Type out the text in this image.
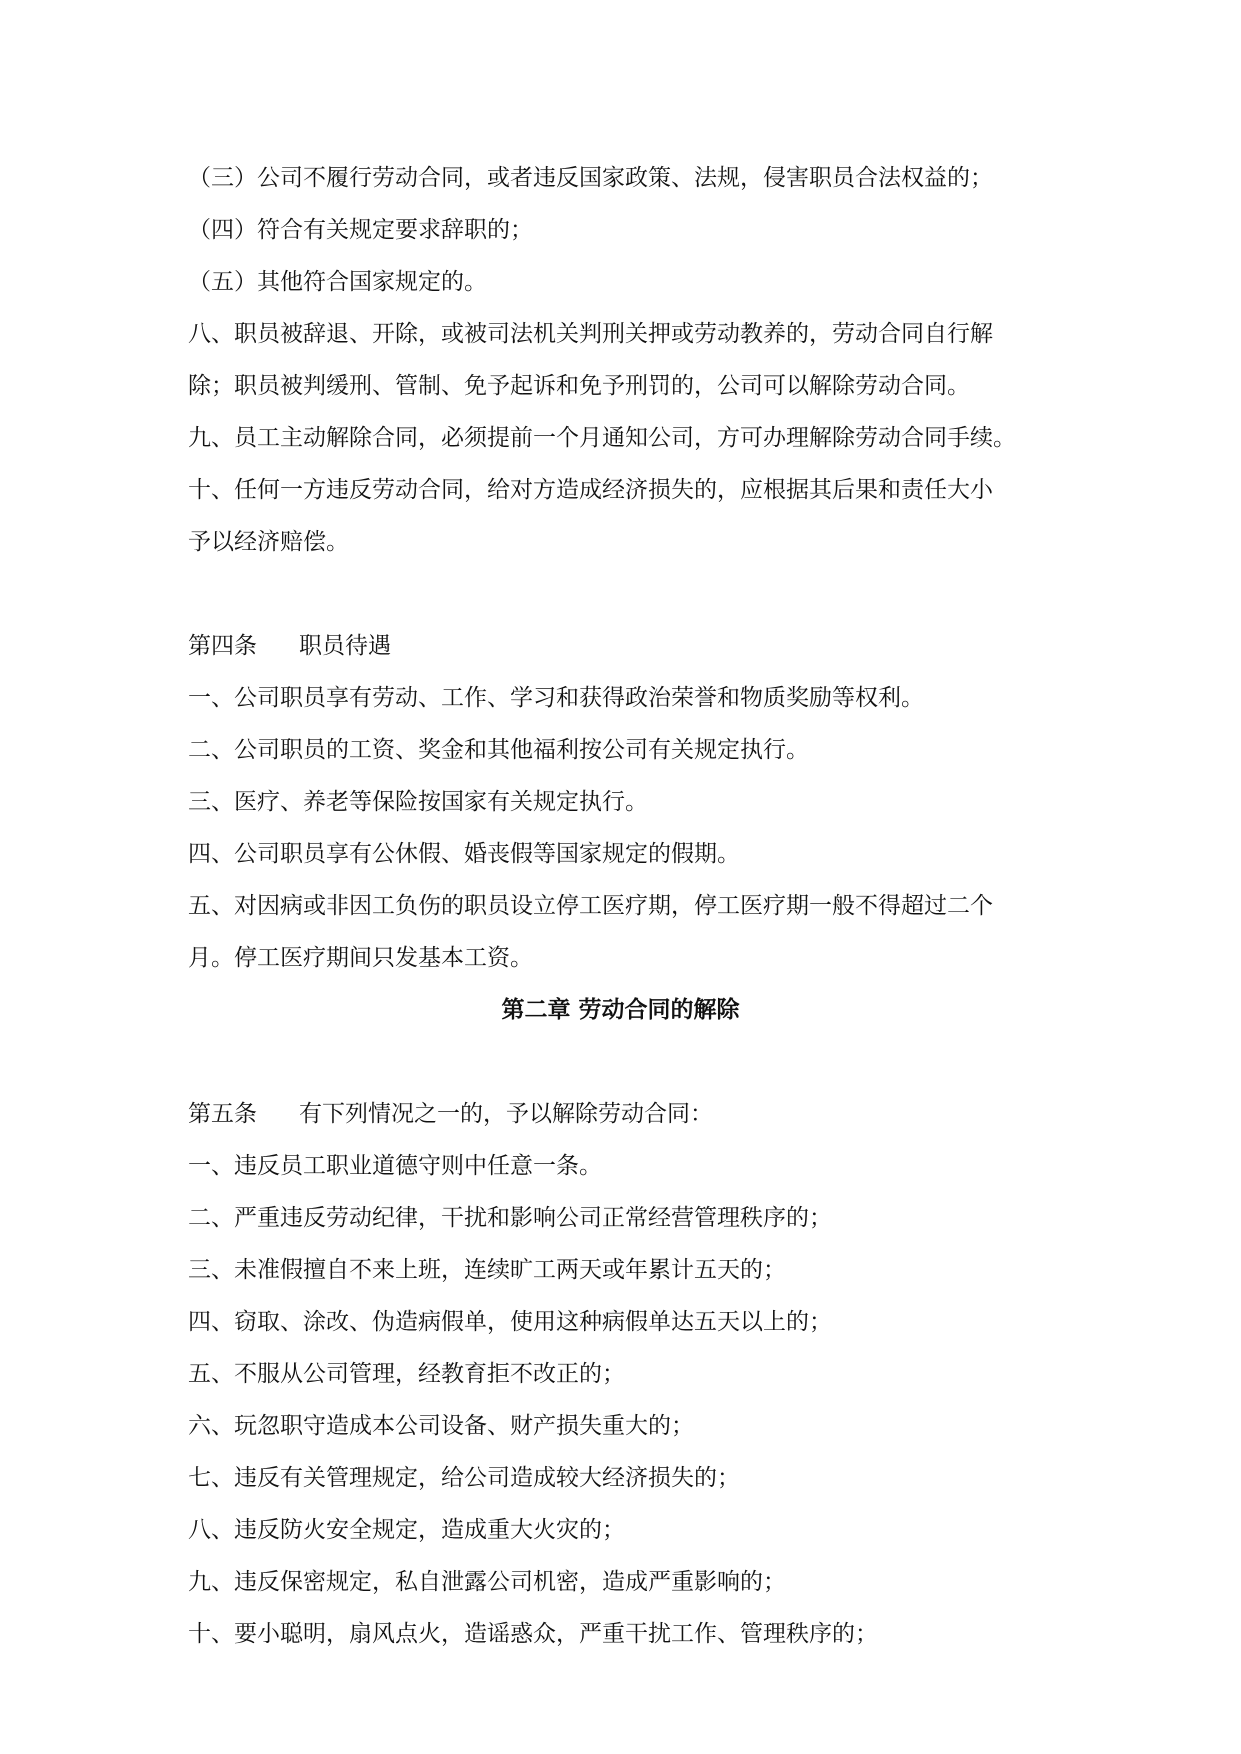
（三）公司不履行劳动合同，或者违反国家政策、法规，侵害职员合法权益的；

（四）符合有关规定要求辞职的；

（五）其他符合国家规定的。

八、职员被辞退、开除，或被司法机关判刑关押或劳动教养的，劳动合同自行解

除；职员被判缓刑、管制、免予起诉和免予刑罚的，公司可以解除劳动合同。

九、员工主动解除合同，必须提前一个月通知公司，方可办理解除劳动合同手续。

十、任何一方违反劳动合同，给对方造成经济损失的，应根据其后果和责任大小

予以经济赔偿。

第四条 职员待遇

一、公司职员享有劳动、工作、学习和获得政治荣誉和物质奖励等权利。

二、公司职员的工资、奖金和其他福利按公司有关规定执行。

三、医疗、养老等保险按国家有关规定执行。

四、公司职员享有公休假、婚丧假等国家规定的假期。

五、对因病或非因工负伤的职员设立停工医疗期，停工医疗期一般不得超过二个

月。停工医疗期间只发基本工资。

第二章 劳动合同的解除

第五条 有下列情况之一的，予以解除劳动合同：

一、违反员工职业道德守则中任意一条。

二、严重违反劳动纪律，干扰和影响公司正常经营管理秩序的；

三、未准假擅自不来上班，连续旷工两天或年累计五天的；

四、窃取、涂改、伪造病假单，使用这种病假单达五天以上的；

五、不服从公司管理，经教育拒不改正的；

六、玩忽职守造成本公司设备、财产损失重大的；

七、违反有关管理规定，给公司造成较大经济损失的；

八、违反防火安全规定，造成重大火灾的；

九、违反保密规定，私自泄露公司机密，造成严重影响的；

十、要小聪明，扇风点火，造谣惑众，严重干扰工作、管理秩序的；
